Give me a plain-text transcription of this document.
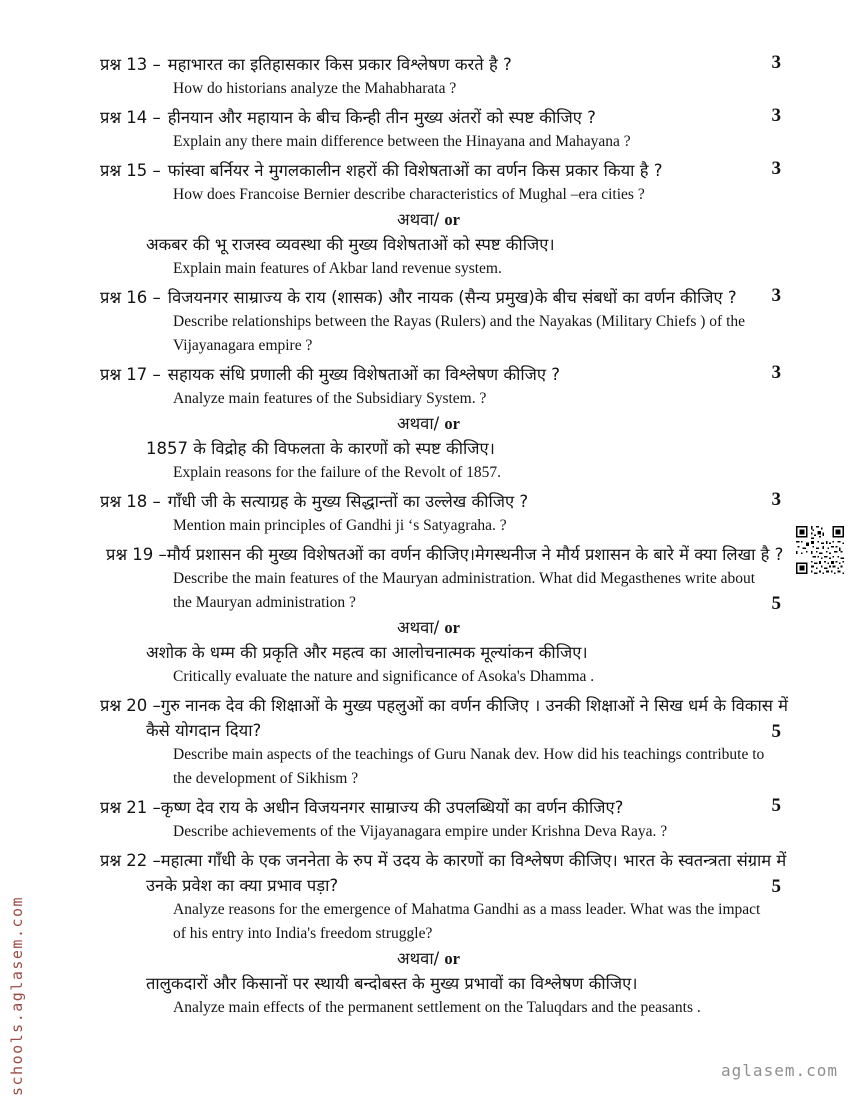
प्रश्न 13 – महाभारत का इतिहासकार किस प्रकार विश्लेषण करते है ?	3

How do historians analyze the Mahabharata ?

प्रश्न 14 – हीनयान और महायान के बीच किन्ही तीन मुख्य अंतरों को स्पष्ट कीजिए ?	3

Explain any there main difference between the Hinayana and Mahayana ?

प्रश्न 15 – फांस्वा बर्नियर ने मुगलकालीन शहरों की विशेषताओं का वर्णन किस प्रकार किया है ?	3

How does Francoise Bernier describe characteristics of Mughal –era cities ?

अथवा/ or

अकबर की भू राजस्व व्यवस्था की मुख्य विशेषताओं को स्पष्ट कीजिए।

Explain main features of Akbar land revenue system.

प्रश्न 16 – विजयनगर साम्राज्य के राय (शासक) और नायक (सैन्य प्रमुख)के बीच संबधों का वर्णन कीजिए ? 3

Describe relationships between the Rayas (Rulers) and the Nayakas (Military Chiefs ) of the Vijayanagara empire ?

प्रश्न 17 – सहायक संधि प्रणाली की मुख्य विशेषताओं का विश्लेषण कीजिए ?	3

Analyze main features of the Subsidiary System. ?

अथवा/ or

1857 के विद्रोह की विफलता के कारणों को स्पष्ट कीजिए।

Explain reasons for the failure of the Revolt of 1857.

प्रश्न 18 – गाँधी जी के सत्याग्रह के मुख्य सिद्धान्तों का उल्लेख कीजिए ?	3

Mention main principles of Gandhi ji ‘s Satyagraha. ?

प्रश्न 19 –मौर्य प्रशासन की मुख्य विशेषतओं का वर्णन कीजिए।मेगस्थनीज ने मौर्य प्रशासन के बारे में क्या लिखा है ?

Describe the main features of the Mauryan administration. What did Megasthenes write about the Mauryan administration ?	5

अथवा/ or

अशोक के धम्म की प्रकृति और महत्व का आलोचनात्मक मूल्यांकन कीजिए।

Critically evaluate the nature and significance of Asoka's Dhamma .

प्रश्न 20 –गुरु नानक देव की शिक्षाओं के मुख्य पहलुओं का वर्णन कीजिए । उनकी शिक्षाओं ने सिख धर्म के विकास में कैसे योगदान दिया?	5

Describe main aspects of the teachings of Guru Nanak dev. How did his teachings contribute to the development of Sikhism ?

प्रश्न 21 –कृष्ण देव राय के अधीन विजयनगर साम्राज्य की उपलब्धियों का वर्णन कीजिए?	5

Describe achievements of the Vijayanagara empire under Krishna Deva Raya. ?

प्रश्न 22 –महात्मा गाँधी के एक जननेता के रुप में उदय के कारणों का विश्लेषण कीजिए। भारत के स्वतन्त्रता संग्राम में उनके प्रवेश का क्या प्रभाव पड़ा?	5

Analyze reasons for the emergence of Mahatma Gandhi as a mass leader. What was the impact of his entry into India's freedom struggle?

अथवा/ or

तालुकदारों और किसानों पर स्थायी बन्दोबस्त के मुख्य प्रभावों का विश्लेषण कीजिए।

Analyze main effects of the permanent settlement on the Taluqdars and the peasants .

schools.aglasem.com	aglasem.com
